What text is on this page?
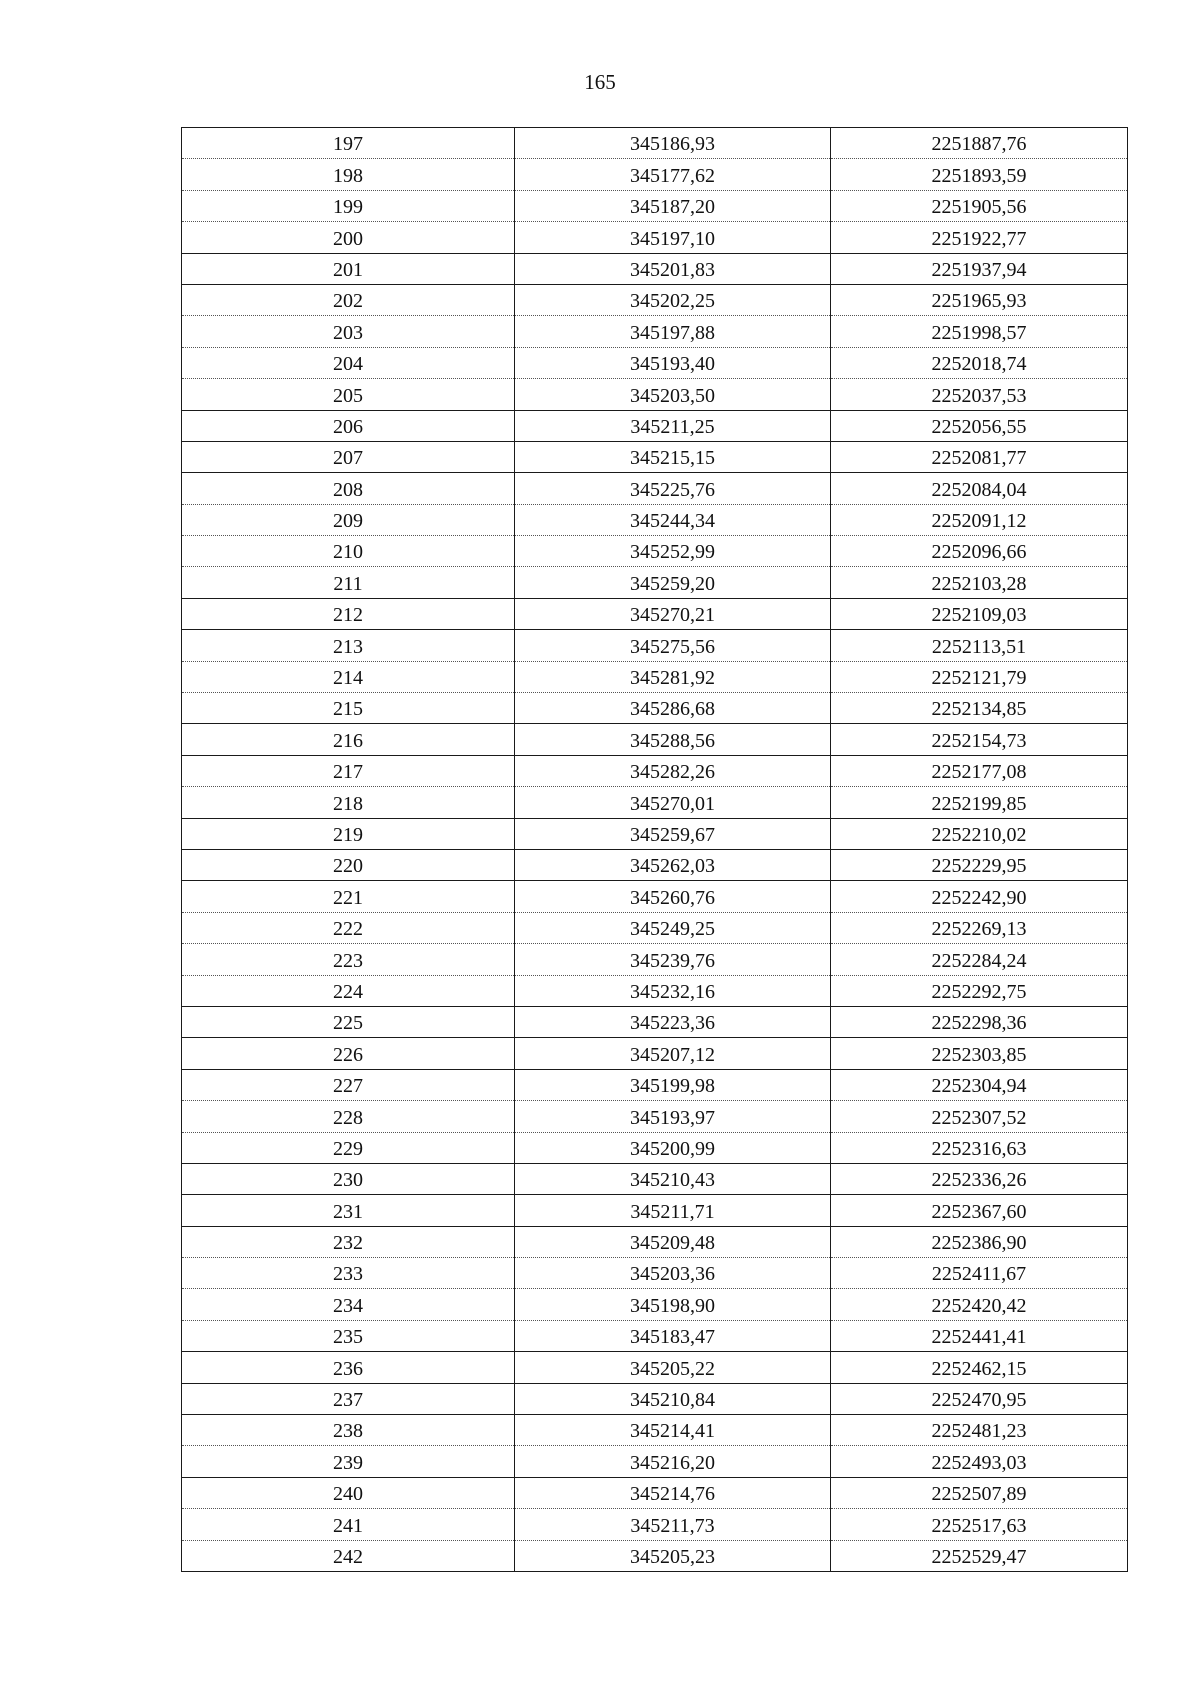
165
197	345186,93	2251887,76
198	345177,62	2251893,59
199	345187,20	2251905,56
200	345197,10	2251922,77
201	345201,83	2251937,94
202	345202,25	2251965,93
203	345197,88	2251998,57
204	345193,40	2252018,74
205	345203,50	2252037,53
206	345211,25	2252056,55
207	345215,15	2252081,77
208	345225,76	2252084,04
209	345244,34	2252091,12
210	345252,99	2252096,66
211	345259,20	2252103,28
212	345270,21	2252109,03
213	345275,56	2252113,51
214	345281,92	2252121,79
215	345286,68	2252134,85
216	345288,56	2252154,73
217	345282,26	2252177,08
218	345270,01	2252199,85
219	345259,67	2252210,02
220	345262,03	2252229,95
221	345260,76	2252242,90
222	345249,25	2252269,13
223	345239,76	2252284,24
224	345232,16	2252292,75
225	345223,36	2252298,36
226	345207,12	2252303,85
227	345199,98	2252304,94
228	345193,97	2252307,52
229	345200,99	2252316,63
230	345210,43	2252336,26
231	345211,71	2252367,60
232	345209,48	2252386,90
233	345203,36	2252411,67
234	345198,90	2252420,42
235	345183,47	2252441,41
236	345205,22	2252462,15
237	345210,84	2252470,95
238	345214,41	2252481,23
239	345216,20	2252493,03
240	345214,76	2252507,89
241	345211,73	2252517,63
242	345205,23	2252529,47
